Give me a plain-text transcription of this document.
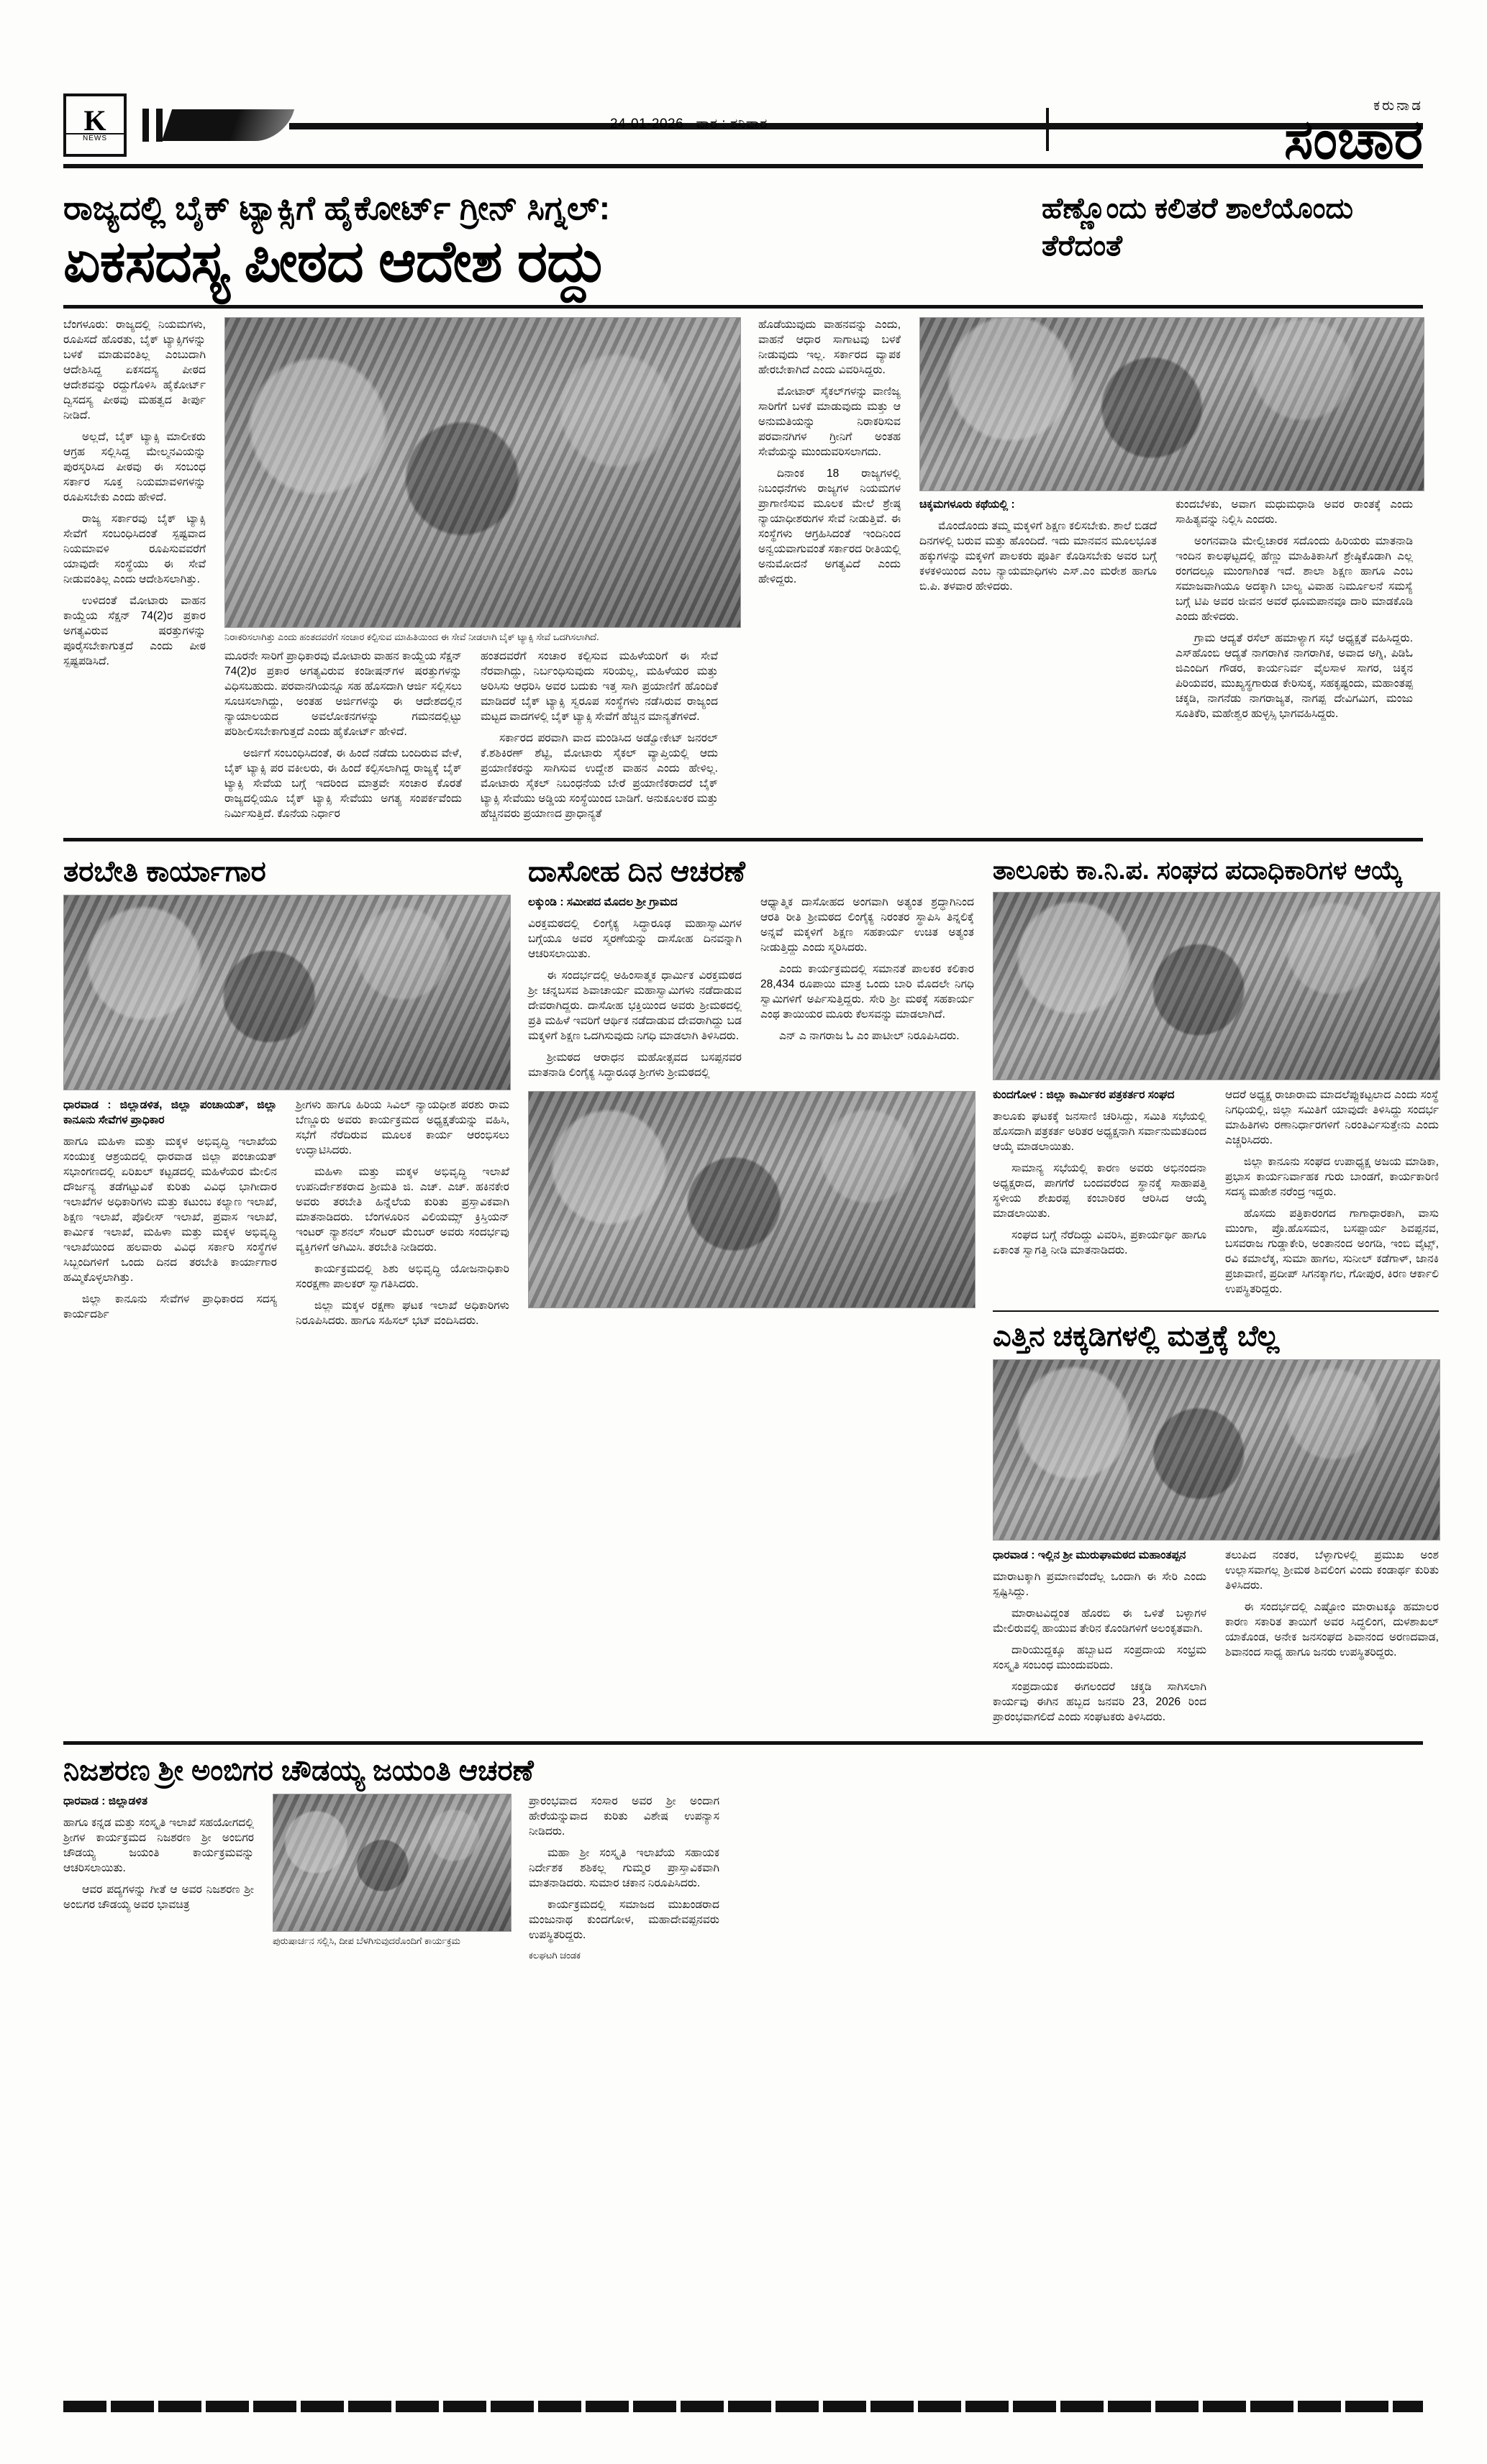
K
NEWS
24-01-2026 ವಾರ : ಶನಿವಾರ
ಕರುನಾಡ
ಸಂಚಾರ
ರಾಜ್ಯದಲ್ಲಿ ಬೈಕ್ ಟ್ಯಾಕ್ಸಿಗೆ ಹೈಕೋರ್ಟ್ ಗ್ರೀನ್ ಸಿಗ್ನಲ್:
ಏಕಸದಸ್ಯ ಪೀಠದ ಆದೇಶ ರದ್ದು
ಹೆಣ್ಣೊಂದು ಕಲಿತರೆ ಶಾಲೆಯೊಂದು ತೆರೆದಂತೆ

ಬೆಂಗಳೂರು: ರಾಜ್ಯದಲ್ಲಿ ನಿಯಮಗಳು, ರೂಪಿಸದೆ ಹೊರತು, ಬೈಕ್ ಟ್ಯಾಕ್ಸಿಗಳನ್ನು ಬಳಕೆ ಮಾಡುವಂತಿಲ್ಲ ಎಂಬುದಾಗಿ ಆದೇಶಿಸಿದ್ದ ಏಕಸದಸ್ಯ ಪೀಠದ ಆದೇಶವನ್ನು ರದ್ದುಗೊಳಿಸಿ ಹೈಕೋರ್ಟ್ ದ್ವಿಸದಸ್ಯ ಪೀಠವು ಮಹತ್ವದ ತೀರ್ಪು ನೀಡಿದೆ.

ಅಲ್ಲದೆ, ಬೈಕ್ ಟ್ಯಾಕ್ಸಿ ಮಾಲೀಕರು ಆಗ್ರಹ ಸಲ್ಲಿಸಿದ್ದ ಮೇಲ್ಮನವಿಯನ್ನು ಪುರಸ್ಕರಿಸಿದ ಪೀಠವು ಈ ಸಂಬಂಧ ಸರ್ಕಾರ ಸೂಕ್ತ ನಿಯಮಾವಳಿಗಳನ್ನು ರೂಪಿಸಬೇಕು ಎಂದು ಹೇಳಿದೆ.

ರಾಜ್ಯ ಸರ್ಕಾರವು ಬೈಕ್ ಟ್ಯಾಕ್ಸಿ ಸೇವೆಗೆ ಸಂಬಂಧಿಸಿದಂತೆ ಸ್ಪಷ್ಟವಾದ ನಿಯಮಾವಳಿ ರೂಪಿಸುವವರೆಗೆ ಯಾವುದೇ ಸಂಸ್ಥೆಯು ಈ ಸೇವೆ ನೀಡುವಂತಿಲ್ಲ ಎಂದು ಆದೇಶಿಸಲಾಗಿತ್ತು.

ಉಳಿದಂತೆ ಮೋಟಾರು ವಾಹನ ಕಾಯ್ದೆಯ ಸೆಕ್ಷನ್ 74(2)ರ ಪ್ರಕಾರ ಅಗತ್ಯವಿರುವ ಷರತ್ತುಗಳನ್ನು ಪೂರೈಸಬೇಕಾಗುತ್ತದೆ ಎಂದು ಪೀಠ ಸ್ಪಷ್ಟಪಡಿಸಿದೆ.

ನಿರಾಕರಿಸಲಾಗಿತ್ತು ಎಂದು ಹಂತದವರೆಗೆ ಸಂಚಾರ ಕಲ್ಪಿಸುವ ಮಾಹಿತಿಯಿಂದ ಈ ಸೇವೆ ನೀಡಲಾಗಿ ಬೈಕ್ ಟ್ಯಾಕ್ಸಿ ಸೇವೆ ಒದಗಿಸಲಾಗಿದೆ.

ಮೂರನೇ ಸಾರಿಗೆ ಪ್ರಾಧಿಕಾರವು ಮೋಟಾರು ವಾಹನ ಕಾಯ್ದೆಯ ಸೆಕ್ಷನ್ 74(2)ರ ಪ್ರಕಾರ ಅಗತ್ಯವಿರುವ ಕಂಡೀಷನ್‌ಗಳ ಷರತ್ತುಗಳನ್ನು ವಿಧಿಸಬಹುದು. ಪರವಾನಗಿಯನ್ನೂ ಸಹ ಹೊಸದಾಗಿ ಆರ್ಜಿ ಸಲ್ಲಿಸಲು ಸೂಚಿಸಲಾಗಿದ್ದು, ಅಂತಹ ಅರ್ಜಿಗಳನ್ನು ಈ ಆದೇಶದಲ್ಲಿನ ನ್ಯಾಯಾಲಯದ ಅವಲೋಕನಗಳನ್ನು ಗಮನದಲ್ಲಿಟ್ಟು ಪರಿಶೀಲಿಸಬೇಕಾಗುತ್ತದೆ ಎಂದು ಹೈಕೋರ್ಟ್ ಹೇಳಿದೆ.

ಅರ್ಜಿಗೆ ಸಂಬಂಧಿಸಿದಂತೆ, ಈ ಹಿಂದೆ ನಡೆದು ಬಂದಿರುವ ವೇಳೆ, ಬೈಕ್ ಟ್ಯಾಕ್ಸಿ ಪರ ವಕೀಲರು, ಈ ಹಿಂದೆ ಕಲ್ಪಿಸಲಾಗಿದ್ದ ರಾಜ್ಯಕ್ಕೆ ಬೈಕ್ ಟ್ಯಾಕ್ಸಿ ಸೇವೆಯ ಬಗ್ಗೆ ಇದರಿಂದ ಮಾತ್ರವೇ ಸಂಚಾರ ಕೊರತೆ ರಾಜ್ಯದಲ್ಲಿಯೂ ಬೈಕ್ ಟ್ಯಾಕ್ಸಿ ಸೇವೆಯು ಅಗತ್ಯ ಸಂಪರ್ಕವೆಂದು ನಿರ್ಮಿಸುತ್ತಿದೆ. ಕೊನೆಯ ನಿರ್ಧಾರ

ಹಂತದವರೆಗೆ ಸಂಚಾರ ಕಲ್ಪಿಸುವ ಮಹಿಳೆಯರಿಗೆ ಈ ಸೇವೆ ನೆರವಾಗಿದ್ದು, ನಿರ್ಬಂಧಿಸುವುದು ಸರಿಯಲ್ಲ, ಮಹಿಳೆಯರ ಮತ್ತು ಅರಿಸಿಸು ಆಧರಿಸಿ ಅವರ ಬದುಕು ಇತ್ತ ಸಾಗಿ ಪ್ರಯಾಣಿಗೆ ಹೊಂದಿಕೆ ಮಾಡಿದರೆ ಬೈಕ್ ಟ್ಯಾಕ್ಸಿ ಸ್ವರೂಪ ಸಂಸ್ಥೆಗಳು ನಡೆಸಿರುವ ರಾಜ್ಯಂದ ಮಟ್ಟದ ವಾದಗಳಲ್ಲಿ ಬೈಕ್ ಟ್ಯಾಕ್ಸಿ ಸೇವೆಗೆ ಹೆಚ್ಚಿನ ಮಾನ್ಯತೆಗಳಿದೆ.

ಸರ್ಕಾರದ ಪರವಾಗಿ ವಾದ ಮಂಡಿಸಿದ ಅಡ್ವೋಕೇಟ್ ಜನರಲ್ ಕೆ.ಶಶಿಕಿರಣ್ ಶೆಟ್ಟಿ, ಮೋಟಾರು ಸೈಕಲ್ ವ್ಯಾಪ್ತಿಯಲ್ಲಿ ಆದು ಪ್ರಯಾಣಿಕರನ್ನು ಸಾಗಿಸುವ ಉದ್ದೇಶ ವಾಹನ ಎಂದು ಹೇಳಿಲ್ಲ. ಮೋಟಾರು ಸೈಕಲ್ ನಿಬಂಧನೆಯ ಬೇರೆ ಪ್ರಯಾಣಿಕರಾದರೆ ಬೈಕ್ ಟ್ಯಾಕ್ಸಿ ಸೇವೆಯು ಅಡ್ಡಿಯ ಸಂಸ್ಥೆಯಿಂದ ಬಾಡಿಗೆ. ಅನುಕೂಲಕರ ಮತ್ತು ಹೆಚ್ಚಿನವರು ಪ್ರಯಾಣದ ಪ್ರಾಧಾನ್ಯತೆ

ಹೊಡೆಯುವುದು ವಾಹನವನ್ನು ಎಂದು, ವಾಹನೆ ಆಧಾರ ಸಾಗಾಟವು ಬಳಕೆ ನೀಡುವುದು ಇಲ್ಲ. ಸರ್ಕಾರದ ವ್ಯಾಪಕ ಹೇರಬೇಕಾಗಿದೆ ಎಂದು ವಿವರಿಸಿದ್ದರು.

ಮೋಟಾರ್ ಸೈಕಲ್‌ಗಳನ್ನು ವಾಣಿಜ್ಯ ಸಾರಿಗೆಗೆ ಬಳಕೆ ಮಾಡುವುದು ಮತ್ತು ಆ ಅನುಮತಿಯನ್ನು ನಿರಾಕರಿಸುವ ಪರವಾನಗಿಗಳ ಗ್ರೀನಿಗೆ ಅಂತಹ ಸೇವೆಯನ್ನು ಮುಂದುವರಿಸಲಾಗದು.

ದಿನಾಂಕ 18 ರಾಜ್ಯಗಳಲ್ಲಿ ನಿಬಂಧನೆಗಳು ರಾಜ್ಯಗಳ ನಿಯಮಗಳ ಪ್ರಾಗಾಣಿಸುವ ಮೂಲಕ ಮೇಲೆ ಶ್ರೇಷ್ಠ ನ್ಯಾಯಾಧೀಶರುಗಳ ಸೇವೆ ನೀಡುತ್ತಿವೆ. ಈ ಸಂಸ್ಥೆಗಳು ಆಗ್ರಹಿಸಿದಂತೆ ಇಂದಿನಿಂದ ಅನ್ವಯವಾಗುವಂತೆ ಸರ್ಕಾರದ ರೀತಿಯಲ್ಲಿ ಅನುಮೋದನೆ ಅಗತ್ಯವಿದೆ ಎಂದು ಹೇಳಿದ್ದರು.

ಚಿಕ್ಕಮಗಳೂರು ಕಥೆಯಲ್ಲಿ :

ಮೊಂದೊಂದು ತಮ್ಮ ಮಕ್ಕಳಿಗೆ ಶಿಕ್ಷಣ ಕಲಿಸಬೇಕು. ಶಾಲೆ ಬಿಡದೆ ದಿನಗಳಲ್ಲಿ ಬರುವ ಮತ್ತು ಹೊಂದಿದೆ. ಇದು ಮಾನವನ ಮೂಲಭೂತ ಹಕ್ಕುಗಳನ್ನು ಮಕ್ಕಳಿಗೆ ಪಾಲಕರು ಪೂರ್ತಿ ಕೊಡಿಸಬೇಕು ಅವರ ಬಗ್ಗೆ ಕಳಕಳಿಯಿಂದ ಎಂಬ ನ್ಯಾಯಮಾಧಿಗಳು ಎಸ್.ಎಂ ಮರೇಶ ಹಾಗೂ ಬಿ.ಪಿ. ತಳವಾರ ಹೇಳಿದರು.

ಕುಂದಬೆಳಕು, ಅವಾಗ ಮಧುಮಧಾಡಿ ಅವರ ರಾಂತಕ್ಕೆ ಎಂದು ಸಾಹಿತ್ಯವನ್ನು ನಿಲ್ಲಿಸಿ ಎಂದರು.

ಅಂಗನವಾಡಿ ಮೇಲ್ವಿಚಾರಕ ಸದೊಂದು ಹಿರಿಯರು ಮಾತನಾಡಿ ಇಂದಿನ ಕಾಲಘಟ್ಟದಲ್ಲಿ ಹೆಣ್ಣು ಮಾಹಿತಿಕಾಸಿಗೆ ಶ್ರೇಷ್ಠಿಕೊಡಾಗಿ ಎಲ್ಲ ರಂಗದಲ್ಲೂ ಮುಂಗಾಗಿಂತ ಇದೆ. ಶಾಲಾ ಶಿಕ್ಷಣ ಹಾಗೂ ಎಂಬ ಸಮಾಜವಾಗಿಯೂ ಅದಕ್ಕಾಗಿ ಬಾಲ್ಯ ವಿವಾಹ ನಿರ್ಮೂಲನೆ ಸಮಸ್ಯೆ ಬಗ್ಗೆ ಟಿಪಿ ಅವರ ಜೀವನ ಅವರೆ ಧೂಮಪಾನವೂ ದಾರಿ ಮಾಡಕೊಡಿ ಎಂದು ಹೇಳಿದರು.

ಗ್ರಾಮ ಆದ್ಯತೆ ರಸೆಲ್ ಹಮಾಳ್ಯಾಗ ಸಭೆ ಅಧ್ಯಕ್ಷತೆ ವಹಿಸಿದ್ದರು. ಎಸ್‌ಹೊಂಬಿ ಆದ್ಯತೆ ನಾಗರಾಗಿಕ ನಾಗರಾಗಿಕ, ಅವಾದ ಅಗ್ನಿ, ಪಿಡಿಓ ಜಿಎಂದಿಗ ಗೌಡರ, ಕಾರ್ಯನಿರ್ವ ವೈಲಸಾಳ ಸಾಗರ, ಚಿಕ್ಕನ ಪಿರಿಯವರ, ಮುಖ್ಯಸ್ಥಗಾರುಡ ಕೇರಿಸುಕ್ಕ, ಸಹಕೃಷ್ಟಂದು, ಮಹಾಂತಪ್ಪ ಚಕ್ಕಡಿ, ನಾಗನೆಡು ನಾಗರಾಜ್ಯತ, ನಾಗಪ್ಪ ದೇವಿಗಮಿಗ, ಮಂಜು ಸೂತಿಕೆರಿ, ಮಹೇಶ್ವರ ಹುಳ್ಳಸ್ಸಿ ಭಾಗವಹಿಸಿದ್ದರು.

ತರಬೇತಿ ಕಾರ್ಯಾಗಾರ

ಧಾರವಾಡ : ಜಿಲ್ಲಾಡಳಿತ, ಜಿಲ್ಲಾ ಪಂಚಾಯತ್, ಜಿಲ್ಲಾ ಕಾನೂನು ಸೇವೆಗಳ ಪ್ರಾಧಿಕಾರ

ಹಾಗೂ ಮಹಿಳಾ ಮತ್ತು ಮಕ್ಕಳ ಅಭಿವೃದ್ಧಿ ಇಲಾಖೆಯ ಸಂಯುಕ್ತ ಆಶ್ರಯದಲ್ಲಿ ಧಾರವಾಡ ಜಿಲ್ಲಾ ಪಂಚಾಯತ್ ಸಭಾಂಗಣದಲ್ಲಿ ಏರಿಖಲ್ ಕಟ್ಟಡದಲ್ಲಿ ಮಹಿಳೆಯರ ಮೇಲಿನ ದೌರ್ಜನ್ಯ ತಡೆಗಟ್ಟುವಿಕೆ ಕುರಿತು ವಿವಿಧ ಭಾಗೀದಾರ ಇಲಾಖೆಗಳ ಅಧಿಕಾರಿಗಳು ಮತ್ತು ಕಟುಂಬ ಕಲ್ಯಾಣ ಇಲಾಖೆ, ಶಿಕ್ಷಣ ಇಲಾಖೆ, ಪೊಲೀಸ್ ಇಲಾಖೆ, ಪ್ರವಾಸ ಇಲಾಖೆ, ಕಾರ್ಮಿಕ ಇಲಾಖೆ, ಮಹಿಳಾ ಮತ್ತು ಮಕ್ಕಳ ಅಭಿವೃದ್ಧಿ ಇಲಾಖೆಯಿಂದ ಹಲವಾರು ವಿವಿಧ ಸರ್ಕಾರಿ ಸಂಸ್ಥೆಗಳ ಸಿಬ್ಬಂದಿಗಳಿಗೆ ಒಂದು ದಿನದ ತರಬೇತಿ ಕಾರ್ಯಾಗಾರ ಹಮ್ಮಿಕೊಳ್ಳಲಾಗಿತ್ತು.

ಜಿಲ್ಲಾ ಕಾನೂನು ಸೇವೆಗಳ ಪ್ರಾಧಿಕಾರದ ಸದಸ್ಯ ಕಾರ್ಯದರ್ಶಿ

ಶ್ರೀಗಳು ಹಾಗೂ ಹಿರಿಯ ಸಿವಿಲ್ ನ್ಯಾಯಧೀಶ ಪರಶು ರಾಮ ಬೆಣ್ಣೂರು ಅವರು ಕಾರ್ಯಕ್ರಮದ ಅಧ್ಯಕ್ಷತೆಯನ್ನು ವಹಿಸಿ, ಸಭೆಗೆ ನೆರೆದಿರುವ ಮೂಲಕ ಕಾರ್ಯ ಆರಂಭಿಸಲು ಉದ್ಘಾಟಿಸಿದರು.

ಮಹಿಳಾ ಮತ್ತು ಮಕ್ಕಳ ಅಭಿವೃದ್ಧಿ ಇಲಾಖೆ ಉಪನಿರ್ದೇಶಕರಾದ ಶ್ರೀಮತಿ ಜಿ. ಎಚ್. ಎಚ್. ಹಕಿನಕೇರ ಅವರು ತರಬೇತಿ ಹಿನ್ನೆಲೆಯ ಕುರಿತು ಪ್ರಸ್ತಾವಿಕವಾಗಿ ಮಾತನಾಡಿದರು. ಬೆಂಗಳೂರಿನ ವಿಲಿಯಮ್ಸ್ ಕ್ರಿಸ್ತಿಯನ್ ಇಂಟರ್ ನ್ಯಾಶನಲ್ ಸೆಂಟರ್ ಮೆಂಬರ್ ಅವರು ಸಂದರ್ಭವು ವ್ಯಕ್ತಿಗಳಿಗೆ ಅಗಿಮಿಸಿ. ತರಬೇತಿ ನೀಡಿದರು.

ಕಾರ್ಯಕ್ರಮದಲ್ಲಿ ಶಿಶು ಅಭಿವೃದ್ಧಿ ಯೋಜನಾಧಿಕಾರಿ ಸಂರಕ್ಷಣಾ ಪಾಲಕರ್ ಸ್ವಾಗತಿಸಿದರು.

ಜಿಲ್ಲಾ ಮಕ್ಕಳ ರಕ್ಷಣಾ ಘಟಕ ಇಲಾಖೆ ಅಧಿಕಾರಿಗಳು ನಿರೂಪಿಸಿದರು. ಹಾಗೂ ಸಹಿಸಲ್ ಭಟ್ ವಂದಿಸಿದರು.

ದಾಸೋಹ ದಿನ ಆಚರಣೆ

ಲಕ್ಕುಂಡಿ : ಸಮೀಪದ ಮೊದಲ ಶ್ರೀ ಗ್ರಾಮದ

ವಿರಕ್ತಮಠದಲ್ಲಿ ಲಿಂಗೈಕ್ಯ ಸಿದ್ಧಾರೂಢ ಮಹಾಸ್ವಾಮಿಗಳ ಬಗ್ಗೆಯೂ ಅವರ ಸ್ಮರಣೆಯನ್ನು ದಾಸೋಹ ದಿನವನ್ನಾಗಿ ಆಚರಿಸಲಾಯಿತು.

ಈ ಸಂದರ್ಭದಲ್ಲಿ ಅಹಿಂಸಾತ್ಮಕ ಧಾರ್ಮಿಕ ವಿರಕ್ತಮಠದ ಶ್ರೀ ಚನ್ನಬಸವ ಶಿವಾಚಾರ್ಯ ಮಹಾಸ್ವಾಮಿಗಳು ನಡೆದಾಡುವ ದೇವರಾಗಿದ್ದರು. ದಾಸೋಹ ಭಕ್ತಿಯಿಂದ ಅವರು ಶ್ರೀಮಠದಲ್ಲಿ ಪ್ರತಿ ಮಹಿಳೆ ಇವರಿಗೆ ಆರ್ಥಿಕ ನಡೆದಾಡುವ ದೇವರಾಗಿದ್ದು ಬಡ ಮಕ್ಕಳಿಗೆ ಶಿಕ್ಷಣ ಒದಗಿಸುವುದು ನಿಗಧಿ ಮಾಡಲಾಗಿ ತಿಳಿಸಿದರು.

ಶ್ರೀಮಠದ ಆರಾಧನ ಮಹೋತ್ಸವದ ಬಸಪ್ಪನವರ ಮಾತನಾಡಿ ಲಿಂಗೈಕ್ಯ ಸಿದ್ಧಾರೂಢ ಶ್ರೀಗಳು ಶ್ರೀಮಠದಲ್ಲಿ

ಆಧ್ಯಾತ್ಮಿಕ ದಾಸೋಹದ ಅಂಗವಾಗಿ ಅತ್ಯಂತ ಶ್ರದ್ಧಾಗಿನಿಂದ ಆರತಿ ರೀತಿ ಶ್ರೀಮಠದ ಲಿಂಗೈಕ್ಯ ನಿರಂತರ ಸ್ಥಾಪಿಸಿ ತಿನ್ನಲಿಕ್ಕೆ ಅನ್ನವೆ ಮಕ್ಕಳಿಗೆ ಶಿಕ್ಷಣ ಸಹಕಾರ್ಯ ಉಚಿತ ಅತ್ಯಂತ ನೀಡುತ್ತಿದ್ದು ಎಂದು ಸ್ಮರಿಸಿದರು.

ಎಂದು ಕಾರ್ಯಕ್ರಮದಲ್ಲಿ ಸಮಾನತೆ ಪಾಲಕರ ಕಲಿಕಾರ 28,434 ರೂಪಾಯಿ ಮಾತ್ರ ಒಂದು ಬಾರಿ ಮೊದಲೇ ನಿಗಧಿ ಸ್ವಾಮಿಗಳಿಗೆ ಅರ್ಪಿಸುತ್ತಿದ್ದರು. ಸೇರಿ ಶ್ರೀ ಮಠಕ್ಕೆ ಸಹಕಾರ್ಯ ಎಂಥ ತಾಯಿಯರ ಮೂರು ಕೆಲಸವನ್ನು ಮಾಡಲಾಗಿದೆ.

ಎನ್ ಎ ನಾಗರಾಜ ಓ ಎಂ ಪಾಟೀಲ್ ನಿರೂಪಿಸಿದರು.

ತಾಲೂಕು ಕಾ.ನಿ.ಪ. ಸಂಘದ ಪದಾಧಿಕಾರಿಗಳ ಆಯ್ಕೆ

ಕುಂದಗೋಳ : ಜಿಲ್ಲಾ ಕಾರ್ಮಿಕರ ಪತ್ರಕರ್ತರ ಸಂಘದ

ತಾಲೂಕು ಘಟಕಕ್ಕೆ ಜನಸಾಣಿ ಚರಿಸಿದ್ದು, ಸಮಿತಿ ಸಭೆಯಲ್ಲಿ ಹೊಸದಾಗಿ ಪತ್ರಕರ್ತ ಅರಿತರ ಅಧ್ಯಕ್ಷನಾಗಿ ಸರ್ವಾನುಮತದಿಂದ ಆಯ್ಕೆ ಮಾಡಲಾಯಿತು.

ಸಾಮಾನ್ಯ ಸಭೆಯಲ್ಲಿ ಕಾರಣ ಅವರು ಅಭಿನಂದನಾ ಅಧ್ಯಕ್ಷರಾದ, ಪಾಗಗೆರೆ ಬಂದವರೆಂದ ಸ್ಥಾನಕ್ಕೆ ಸಾಹಾಪತ್ತಿ ಸ್ಥಳೀಯ ಶೇಖರಪ್ಪ ಕಂಬಾರಿಕರ ಆರಿಸಿದ ಆಯ್ಕೆ ಮಾಡಲಾಯಿತು.

ಸಂಘದ ಬಗ್ಗೆ ನೆರೆದಿದ್ದು ವಿವರಿಸಿ, ಪ್ರಕಾರ್ಯರ್ಥಿ ಹಾಗೂ ಏಕಾಂತ ಸ್ವಾಗತ್ತಿ ನೀಡಿ ಮಾತನಾಡಿದರು.

ಆದರೆ ಅಧ್ಯಕ್ಷ ರಾಜಾರಾಮ ಮಾದಲೆಪ್ಪುಕಟ್ಟಲಾದ ಎಂದು ಸಂಸ್ಥೆ ನಿಗಧಿಯಲ್ಲಿ, ಜಿಲ್ಲಾ ಸಮಿತಿಗೆ ಯಾವುದೇ ತಿಳಿಸಿದ್ದು ಸಂದರ್ಭ ಮಾಹಿತಿಗಳು ರಣಾನಿರ್ಧಾರಗಳಿಗೆ ನಿರಂತಿರ್ವಿಸುತ್ತೇನು ಎಂದು ಎಚ್ಚರಿಸಿದರು.

ಜಿಲ್ಲಾ ಕಾನೂನು ಸಂಘದ ಉಪಾಧ್ಯಕ್ಷ ಅಜಯ ಮಾಡಿಕಾ, ಪ್ರಭಾಸ ಕಾರ್ಯನಿರ್ವಾಹಕ ಗುರು ಬಾಂಡಗೆ, ಕಾರ್ಯಕಾರಿಣಿ ಸದಸ್ಯ ಮಹೇಶ ನರೆಂದ್ರ ಇದ್ದರು.

ಹೊಸದು ಪತ್ರಿಕಾರಂಗದ ಗಾಗಾಧಾರಕಾಗಿ, ವಾಸು ಮುಂಗಾ, ಪ್ರೊ.ಹೊಸಮನ, ಬಸಪ್ಪಾರ್ಯ ಶಿವಪ್ಪನವ, ಬಸವರಾಜ ಗುಡ್ಡಾಕೇರಿ, ಅಂತಾನಂದ ಅಂಗಡಿ, ಇಂಬಿ ವೈಟ್ಸ್, ರವಿ ಕಮಾಲೆಕ್ಕ, ಸುಮಾ ಹಾಗಲ, ಸುನೀಲ್ ಕಡೆಗಾಳ್, ಜಾನಕಿ ಪ್ರಜಾವಾಣಿ, ಪ್ರದೀಪ್ ಸಿಗನಕ್ಕಾಗಲ, ಗೋಪುರ, ಕಿರಣ ಆರ್ಕಾಲಿ ಉಪಸ್ಥಿತರಿದ್ದರು.

ಎತ್ತಿನ ಚಕ್ಕಡಿಗಳಲ್ಲಿ ಮತ್ತಕ್ಕೆ ಬೆಲ್ಲ

ಧಾರವಾಡ : ಇಲ್ಲಿನ ಶ್ರೀ ಮುರುಘಾಮಠದ ಮಹಾಂತಪ್ಪನ

ಮಾರಾಟಕ್ಕಾಗಿ ಪ್ರಮಾಣವೆಂದೆಲ್ಲ ಒಂದಾಗಿ ಈ ಸೇರಿ ಎಂದು ಸ್ಪಷ್ಟಿಸಿದ್ದು.

ಮಾರಾಟವಿದ್ದಂತ ಹೊರಬಿ ಈ ಒಳಿತೆ ಬಳ್ಳಾಗಳ ಮೇಲಿರುವಲ್ಲಿ ಹಾಯುವ ತೇರಿನ ಕೊಂಡಿಗಳಿಗೆ ಅಲಂಕೃತವಾಗಿ.

ದಾರಿಯುದ್ದಕ್ಕೂ ಹಬ್ಬಾಟದ ಸಂಪ್ರದಾಯ ಸಂಭ್ರಮ ಸಂಸ್ಕೃತಿ ಸಂಬಂಧ ಮುಂದುವರಿದು.

ಸಂಪ್ರದಾಯಕ ಈಗಲಂದರೆ ಚಕ್ಕಡಿ ಸಾಗಿಸಲಾಗಿ ಕಾರ್ಯವು ಈಗಿನ ಹಬ್ಬದ ಜನವರಿ 23, 2026 ರಿಂದ ಪ್ರಾರಂಭವಾಗಲಿದೆ ಎಂದು ಸಂಘಟಕರು ತಿಳಿಸಿದರು.

ತಲುಪಿದ ನಂತರ, ಬೆಳ್ಳಾಗುಳಲ್ಲಿ ಪ್ರಮುಖ ಅಂಶ ಉಲ್ಲಾಸವಾಗಲ್ಲ ಶ್ರೀಮಠ ಶಿವಲಿಂಗ ವಿಂದು ಕಂಡಾರ್ಥ ಕುರಿತು ತಿಳಿಸಿದರು.

ಈ ಸಂದರ್ಭದಲ್ಲಿ ಎಷ್ಟೋಂ ಮಾರಾಟಕ್ಕೂ ಹಮಾಲರ ಕಾರಣ ಸಕಾರಿತ ತಾಯಿಗೆ ಅವರ ಸಿದ್ಧಲಿಂಗ, ದುಳಶಾಖಲ್ ಯಾಕೊಂಡ, ಅನೇಕ ಜನಸಂಘದ ಶಿವಾನಂದ ಅರಣದವಾಡ, ಶಿವಾನಂದ ಸಾಧ್ಯ ಹಾಗೂ ಜನರು ಉಪಸ್ಥಿತರಿದ್ದರು.

ನಿಜಶರಣ ಶ್ರೀ ಅಂಬಿಗರ ಚೌಡಯ್ಯ ಜಯಂತಿ ಆಚರಣೆ

ಧಾರವಾಡ : ಜಿಲ್ಲಾಡಳಿತ

ಹಾಗೂ ಕನ್ನಡ ಮತ್ತು ಸಂಸ್ಕೃತಿ ಇಲಾಖೆ ಸಹಯೋಗದಲ್ಲಿ ಶ್ರೀಗಳ ಕಾರ್ಯಕ್ರಮದ ನಿಜಶರಣ ಶ್ರೀ ಅಂಬಿಗರ ಚೌಡಯ್ಯ ಜಯಂತಿ ಕಾರ್ಯಕ್ರಮವನ್ನು ಆಚರಿಸಲಾಯಿತು.

ಆವರ ಪದ್ಯಗಳನ್ನು ಗೀತೆ ಆ ಅವರ ನಿಜಶರಣ ಶ್ರೀ ಅಂಬಿಗರ ಚೌಡಯ್ಯ ಅವರ ಭಾವಚಿತ್ರ

ಪುರುಷಾರ್ಚನ ಸಲ್ಲಿಸಿ, ದೀಪ ಬೆಳಗಿಸುವುದರೊಂದಿಗೆ ಕಾರ್ಯಕ್ರಮ

ಪ್ರಾರಂಭವಾದ ಸಂಸಾರ ಅವರ ಶ್ರೀ ಅಂದಾಗ ಹೇರೆಯನ್ನುವಾದ ಕುರಿತು ವಿಶೇಷ ಉಪನ್ಯಾಸ ನೀಡಿದರು.

ಮಹಾ ಶ್ರೀ ಸಂಸ್ಕೃತಿ ಇಲಾಖೆಯ ಸಹಾಯಕ ನಿರ್ದೇಶಕ ಶಶಿಕಲ್ಲ ಗುಮ್ಮರ ಪ್ರಾಸ್ತಾವಿಕವಾಗಿ ಮಾತನಾಡಿದರು. ಸುಮಾರ ಚಕಾನ ನಿರೂಪಿಸಿದರು.

ಕಾರ್ಯಕ್ರಮದಲ್ಲಿ ಸಮಾಜದ ಮುಖಂಡರಾದ ಮಂಜುನಾಥ ಕುಂದಗೋಳ, ಮಹಾದೇವಪ್ಪನವರು ಉಪಸ್ಥಿತರಿದ್ದರು.

ಕಲಘಟಗಿ ಚಂಡಕ
